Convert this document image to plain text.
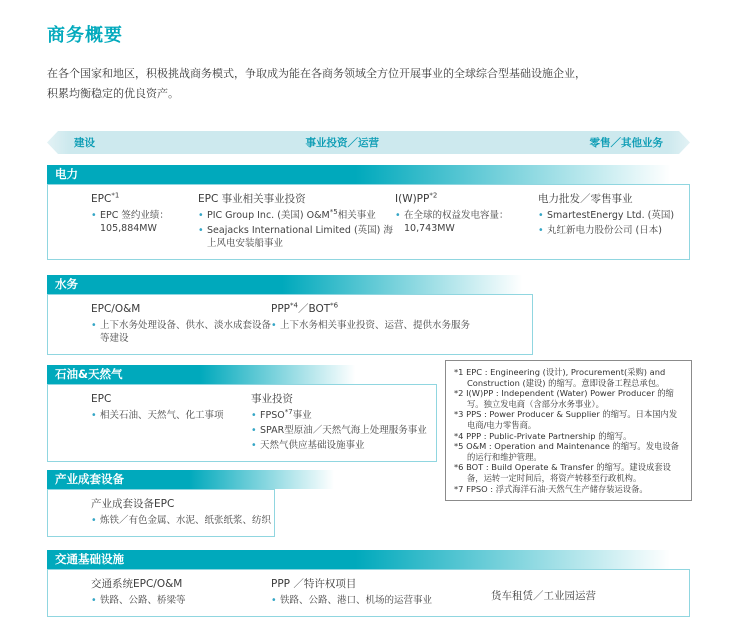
商务概要
在各个国家和地区，积极挑战商务模式，争取成为能在各商务领域全方位开展事业的全球综合型基础设施企业，
积累均衡稳定的优良资产。
建设	事业投资／运营	零售／其他业务
电力
EPC$^{*1}$
• EPC 签约业绩：105,884MW
EPC 事业相关事业投资
• PIC Group Inc. (美国) $O\&M^{*5}$相关事业
• Seajacks International Limited (英国) 海上风电安装船事业
I(W)PP$^{*2}$
• 在全球的权益发电容量：10,743MW
电力批发／零售事业
• SmartestEnergy Ltd. (英国)
• 丸红新电力股份公司 (日本)
水务
EPC/O&M
• 上下水务处理设备、供水、淡水成套设备等建设
PPP$^{*4}$／BOT$^{*6}$
• 上下水务相关事业投资、运营、提供水务服务
石油&天然气
EPC
• 相关石油、天然气、化工事项
事业投资
• FPSO$^{*7}$事业
• SPAR型原油／天然气海上处理服务事业
• 天然气供应基础设施事业
产业成套设备
产业成套设备EPC
• 炼铁／有色金属、水泥、纸张纸浆、纺织
*1 EPC : Engineering (设计), Procurement(采购) and Construction (建设) 的缩写。意即设备工程总承包。
*2 I(W)PP : Independent (Water) Power Producer 的缩写。独立发电商（含部分水务事业）。
*3 PPS : Power Producer & Supplier 的缩写。日本国内发电商/电力零售商。
*4 PPP : Public-Private Partnership 的缩写。
*5 O&M : Operation and Maintenance 的缩写。发电设备的运行和维护管理。
*6 BOT : Build Operate & Transfer 的缩写。建设成套设备，运转一定时间后，将资产转移至行政机构。
*7 FPSO : 浮式海洋石油·天然气生产储存装运设备。
交通基础设施
交通系统EPC/O&M
• 铁路、公路、桥梁等
PPP ／特许权项目
• 铁路、公路、港口、机场的运营事业	货车租赁／工业园运营
